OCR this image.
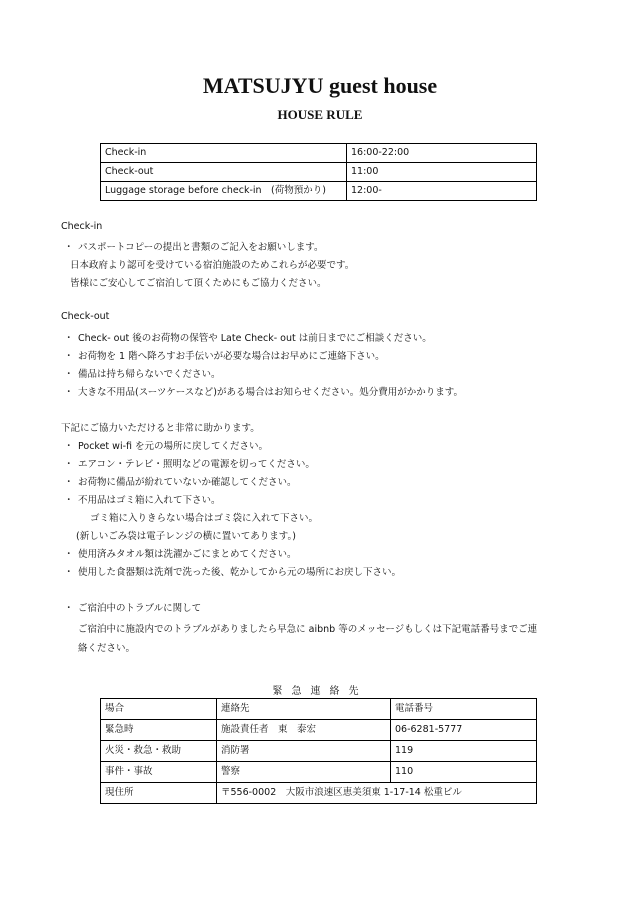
MATSUJYU guest house
HOUSE RULE
Check-in	16:00-22:00
Check-out	11:00
Luggage storage before check-in　(荷物預かり)	12:00-
Check-in
・ パスポートコピーの提出と書類のご記入をお願いします。
日本政府より認可を受けている宿泊施設のためこれらが必要です。
皆様にご安心してご宿泊して頂くためにもご協力ください。
Check-out
・ Check- out 後のお荷物の保管や Late Check- out は前日までにご相談ください。
・ お荷物を 1 階へ降ろすお手伝いが必要な場合はお早めにご連絡下さい。
・ 備品は持ち帰らないでください。
・ 大きな不用品(スーツケースなど)がある場合はお知らせください。処分費用がかかります。
下記にご協力いただけると非常に助かります。
・ Pocket wi-fi を元の場所に戻してください。
・ エアコン・テレビ・照明などの電源を切ってください。
・ お荷物に備品が紛れていないか確認してください。
・ 不用品はゴミ箱に入れて下さい。
ゴミ箱に入りきらない場合はゴミ袋に入れて下さい。
(新しいごみ袋は電子レンジの横に置いてあります。)
・ 使用済みタオル類は洗濯かごにまとめてください。
・ 使用した食器類は洗剤で洗った後、乾かしてから元の場所にお戻し下さい。
・ ご宿泊中のトラブルに関して
ご宿泊中に施設内でのトラブルがありましたら早急に aibnb 等のメッセージもしくは下記電話番号までご連
絡ください。
緊急連絡先
場合	連絡先	電話番号
緊急時	施設責任者　東　泰宏	06-6281-5777
火災・救急・救助	消防署	119
事件・事故	警察	110
現住所	〒556-0002　大阪市浪速区恵美須東 1-17-14 松重ビル	
